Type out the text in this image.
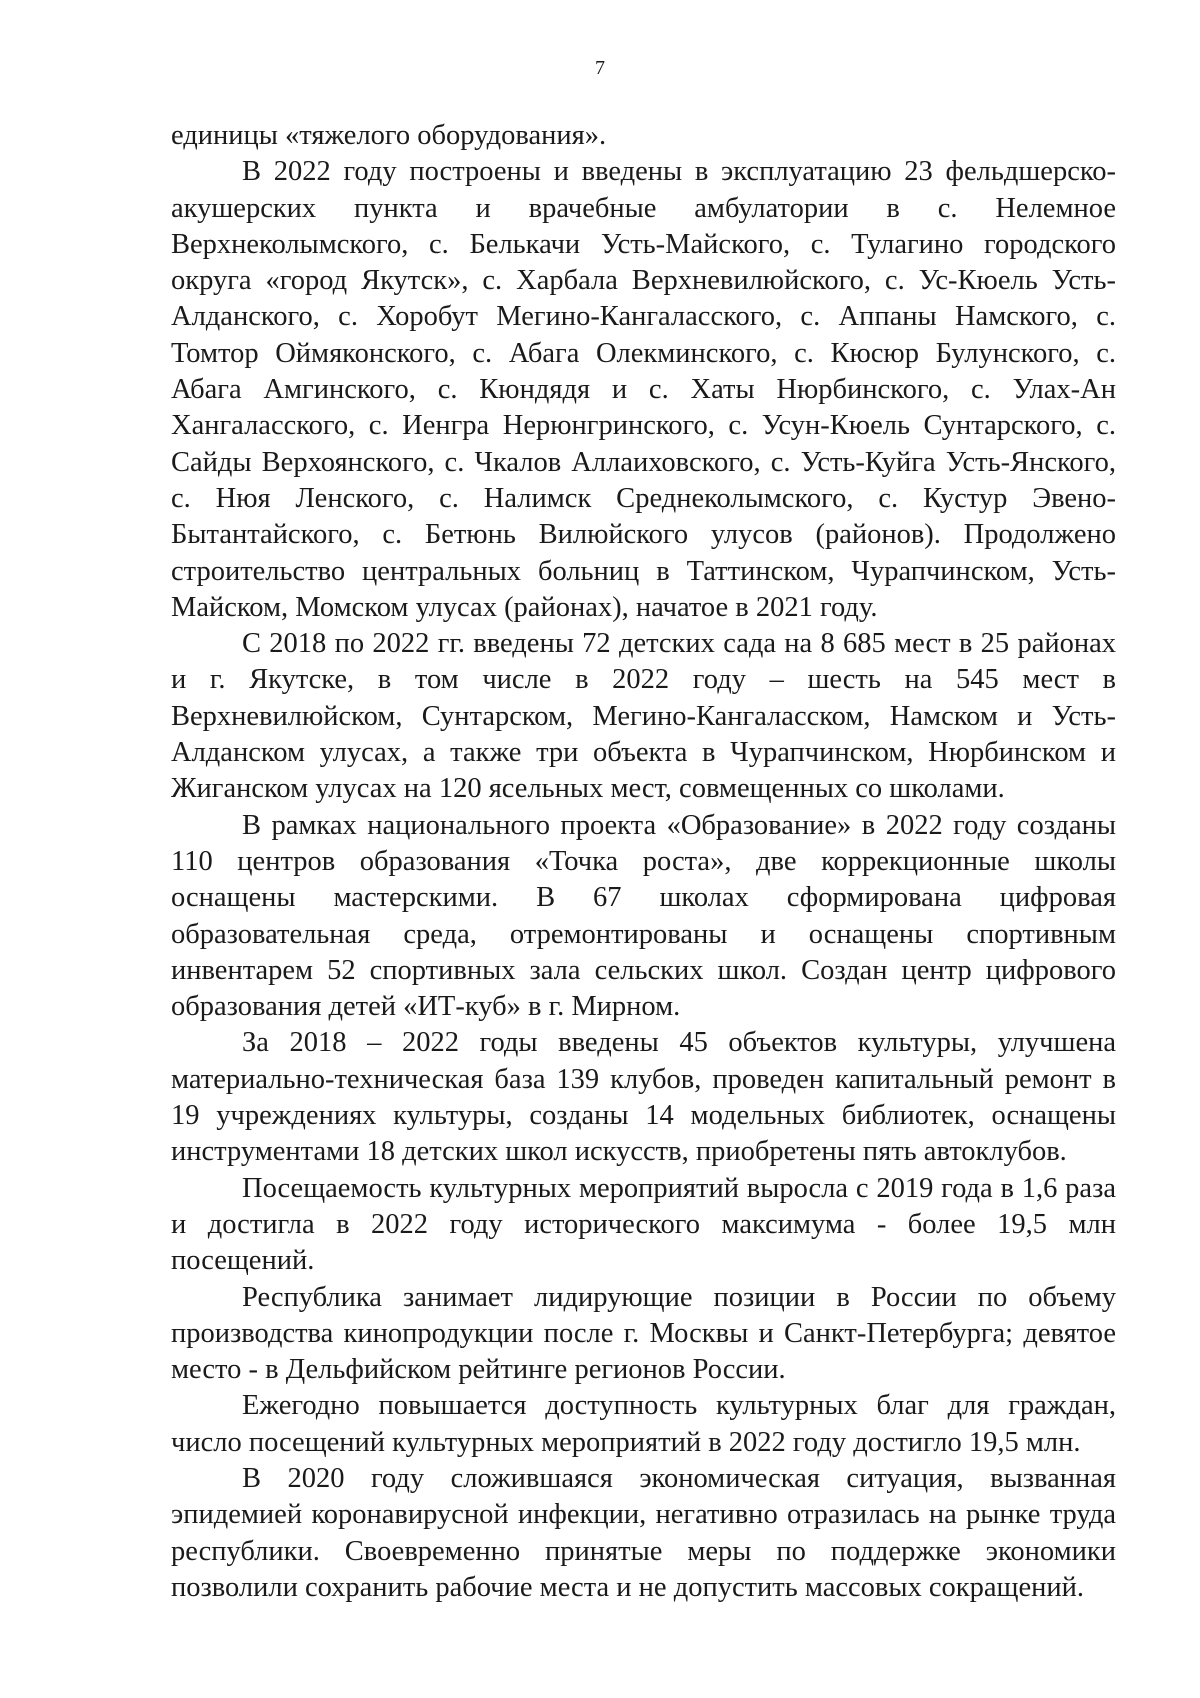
7

единицы «тяжелого оборудования».

В 2022 году построены и введены в эксплуатацию 23 фельдшерско-акушерских пункта и врачебные амбулатории в с. Нелемное Верхнеколымского, с. Белькачи Усть-Майского, с. Тулагино городского округа «город Якутск», с. Харбала Верхневилюйского, с. Ус-Кюель Усть-Алданского, с. Хоробут Мегино-Кангаласского, с. Аппаны Намского, с. Томтор Оймяконского, с. Абага Олекминского, с. Кюсюр Булунского, с. Абага Амгинского, с. Кюндядя и с. Хаты Нюрбинского, с. Улах-Ан Хангаласского, с. Иенгра Нерюнгринского, с. Усун-Кюель Сунтарского, с. Сайды Верхоянского, с. Чкалов Аллаиховского, с. Усть-Куйга Усть-Янского, с. Нюя Ленского, с. Налимск Среднеколымского, с. Кустур Эвено-Бытантайского, с. Бетюнь Вилюйского улусов (районов). Продолжено строительство центральных больниц в Таттинском, Чурапчинском, Усть-Майском, Момском улусах (районах), начатое в 2021 году.

С 2018 по 2022 гг. введены 72 детских сада на 8 685 мест в 25 районах и г. Якутске, в том числе в 2022 году – шесть на 545 мест в Верхневилюйском, Сунтарском, Мегино-Кангаласском, Намском и Усть-Алданском улусах, а также три объекта в Чурапчинском, Нюрбинском и Жиганском улусах на 120 ясельных мест, совмещенных со школами.

В рамках национального проекта «Образование» в 2022 году созданы 110 центров образования «Точка роста», две коррекционные школы оснащены мастерскими. В 67 школах сформирована цифровая образовательная среда, отремонтированы и оснащены спортивным инвентарем 52 спортивных зала сельских школ. Создан центр цифрового образования детей «ИТ-куб» в г. Мирном.

За 2018 – 2022 годы введены 45 объектов культуры, улучшена материально-техническая база 139 клубов, проведен капитальный ремонт в 19 учреждениях культуры, созданы 14 модельных библиотек, оснащены инструментами 18 детских школ искусств, приобретены пять автоклубов.

Посещаемость культурных мероприятий выросла с 2019 года в 1,6 раза и достигла в 2022 году исторического максимума - более 19,5 млн посещений.

Республика занимает лидирующие позиции в России по объему производства кинопродукции после г. Москвы и Санкт-Петербурга; девятое место - в Дельфийском рейтинге регионов России.

Ежегодно повышается доступность культурных благ для граждан, число посещений культурных мероприятий в 2022 году достигло 19,5 млн.

В 2020 году сложившаяся экономическая ситуация, вызванная эпидемией коронавирусной инфекции, негативно отразилась на рынке труда республики. Своевременно принятые меры по поддержке экономики позволили сохранить рабочие места и не допустить массовых сокращений.
